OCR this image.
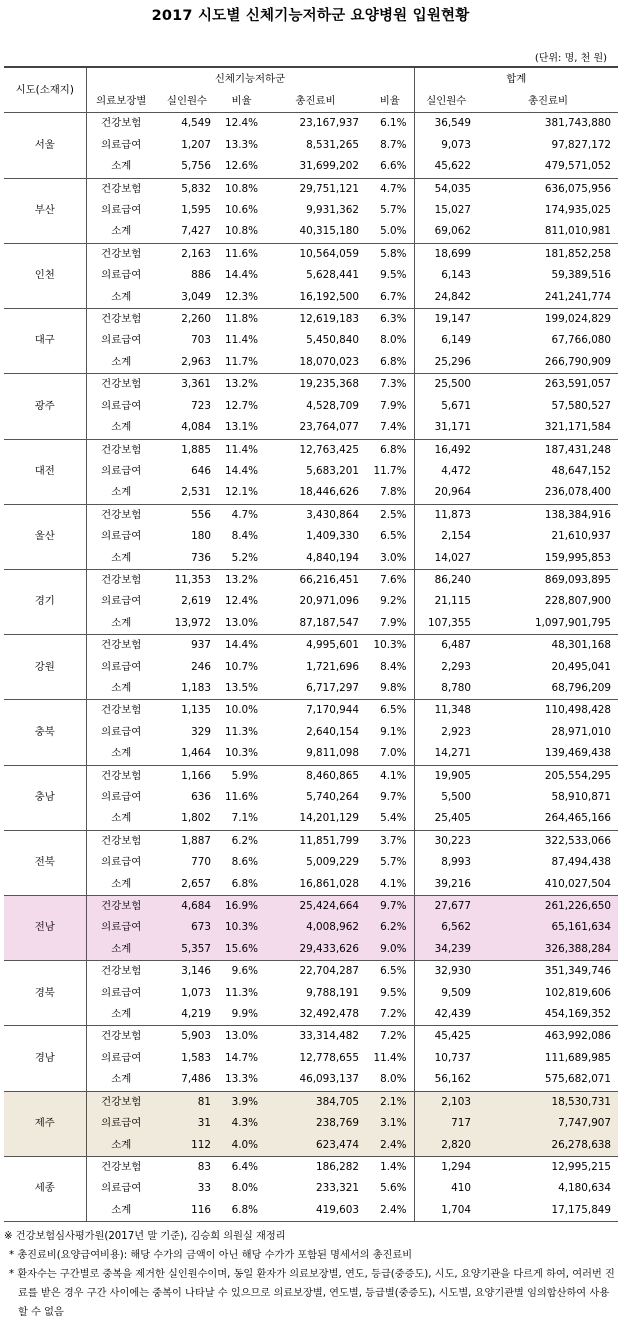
2017 시도별 신체기능저하군 요양병원 입원현황
(단위: 명, 천 원)
시도(소재지)	신체기능저하군					합계	
	의료보장별	실인원수	비율	총진료비	비율	실인원수	총진료비
서울	건강보험	4,549	12.4%	23,167,937	6.1%	36,549	381,743,880
	의료급여	1,207	13.3%	8,531,265	8.7%	9,073	97,827,172
	소계	5,756	12.6%	31,699,202	6.6%	45,622	479,571,052
부산	건강보험	5,832	10.8%	29,751,121	4.7%	54,035	636,075,956
	의료급여	1,595	10.6%	9,931,362	5.7%	15,027	174,935,025
	소계	7,427	10.8%	40,315,180	5.0%	69,062	811,010,981
인천	건강보험	2,163	11.6%	10,564,059	5.8%	18,699	181,852,258
	의료급여	886	14.4%	5,628,441	9.5%	6,143	59,389,516
	소계	3,049	12.3%	16,192,500	6.7%	24,842	241,241,774
대구	건강보험	2,260	11.8%	12,619,183	6.3%	19,147	199,024,829
	의료급여	703	11.4%	5,450,840	8.0%	6,149	67,766,080
	소계	2,963	11.7%	18,070,023	6.8%	25,296	266,790,909
광주	건강보험	3,361	13.2%	19,235,368	7.3%	25,500	263,591,057
	의료급여	723	12.7%	4,528,709	7.9%	5,671	57,580,527
	소계	4,084	13.1%	23,764,077	7.4%	31,171	321,171,584
대전	건강보험	1,885	11.4%	12,763,425	6.8%	16,492	187,431,248
	의료급여	646	14.4%	5,683,201	11.7%	4,472	48,647,152
	소계	2,531	12.1%	18,446,626	7.8%	20,964	236,078,400
울산	건강보험	556	4.7%	3,430,864	2.5%	11,873	138,384,916
	의료급여	180	8.4%	1,409,330	6.5%	2,154	21,610,937
	소계	736	5.2%	4,840,194	3.0%	14,027	159,995,853
경기	건강보험	11,353	13.2%	66,216,451	7.6%	86,240	869,093,895
	의료급여	2,619	12.4%	20,971,096	9.2%	21,115	228,807,900
	소계	13,972	13.0%	87,187,547	7.9%	107,355	1,097,901,795
강원	건강보험	937	14.4%	4,995,601	10.3%	6,487	48,301,168
	의료급여	246	10.7%	1,721,696	8.4%	2,293	20,495,041
	소계	1,183	13.5%	6,717,297	9.8%	8,780	68,796,209
충북	건강보험	1,135	10.0%	7,170,944	6.5%	11,348	110,498,428
	의료급여	329	11.3%	2,640,154	9.1%	2,923	28,971,010
	소계	1,464	10.3%	9,811,098	7.0%	14,271	139,469,438
충남	건강보험	1,166	5.9%	8,460,865	4.1%	19,905	205,554,295
	의료급여	636	11.6%	5,740,264	9.7%	5,500	58,910,871
	소계	1,802	7.1%	14,201,129	5.4%	25,405	264,465,166
전북	건강보험	1,887	6.2%	11,851,799	3.7%	30,223	322,533,066
	의료급여	770	8.6%	5,009,229	5.7%	8,993	87,494,438
	소계	2,657	6.8%	16,861,028	4.1%	39,216	410,027,504
전남	건강보험	4,684	16.9%	25,424,664	9.7%	27,677	261,226,650
	의료급여	673	10.3%	4,008,962	6.2%	6,562	65,161,634
	소계	5,357	15.6%	29,433,626	9.0%	34,239	326,388,284
경북	건강보험	3,146	9.6%	22,704,287	6.5%	32,930	351,349,746
	의료급여	1,073	11.3%	9,788,191	9.5%	9,509	102,819,606
	소계	4,219	9.9%	32,492,478	7.2%	42,439	454,169,352
경남	건강보험	5,903	13.0%	33,314,482	7.2%	45,425	463,992,086
	의료급여	1,583	14.7%	12,778,655	11.4%	10,737	111,689,985
	소계	7,486	13.3%	46,093,137	8.0%	56,162	575,682,071
제주	건강보험	81	3.9%	384,705	2.1%	2,103	18,530,731
	의료급여	31	4.3%	238,769	3.1%	717	7,747,907
	소계	112	4.0%	623,474	2.4%	2,820	26,278,638
세종	건강보험	83	6.4%	186,282	1.4%	1,294	12,995,215
	의료급여	33	8.0%	233,321	5.6%	410	4,180,634
	소계	116	6.8%	419,603	2.4%	1,704	17,175,849
※ 건강보험심사평가원(2017년 말 기준), 김승희 의원실 재정리
* 총진료비(요양급여비용): 해당 수가의 금액이 아닌 해당 수가가 포함된 명세서의 총진료비
* 환자수는 구간별로 중복을 제거한 실인원수이며, 동일 환자가 의료보장별, 연도, 등급(중증도), 시도, 요양기관을 다르게 하여, 여러번 진료를 받은 경우 구간 사이에는 중복이 나타날 수 있으므로 의료보장별, 연도별, 등급별(중증도), 시도별, 요양기관별 임의합산하여 사용할 수 없음
